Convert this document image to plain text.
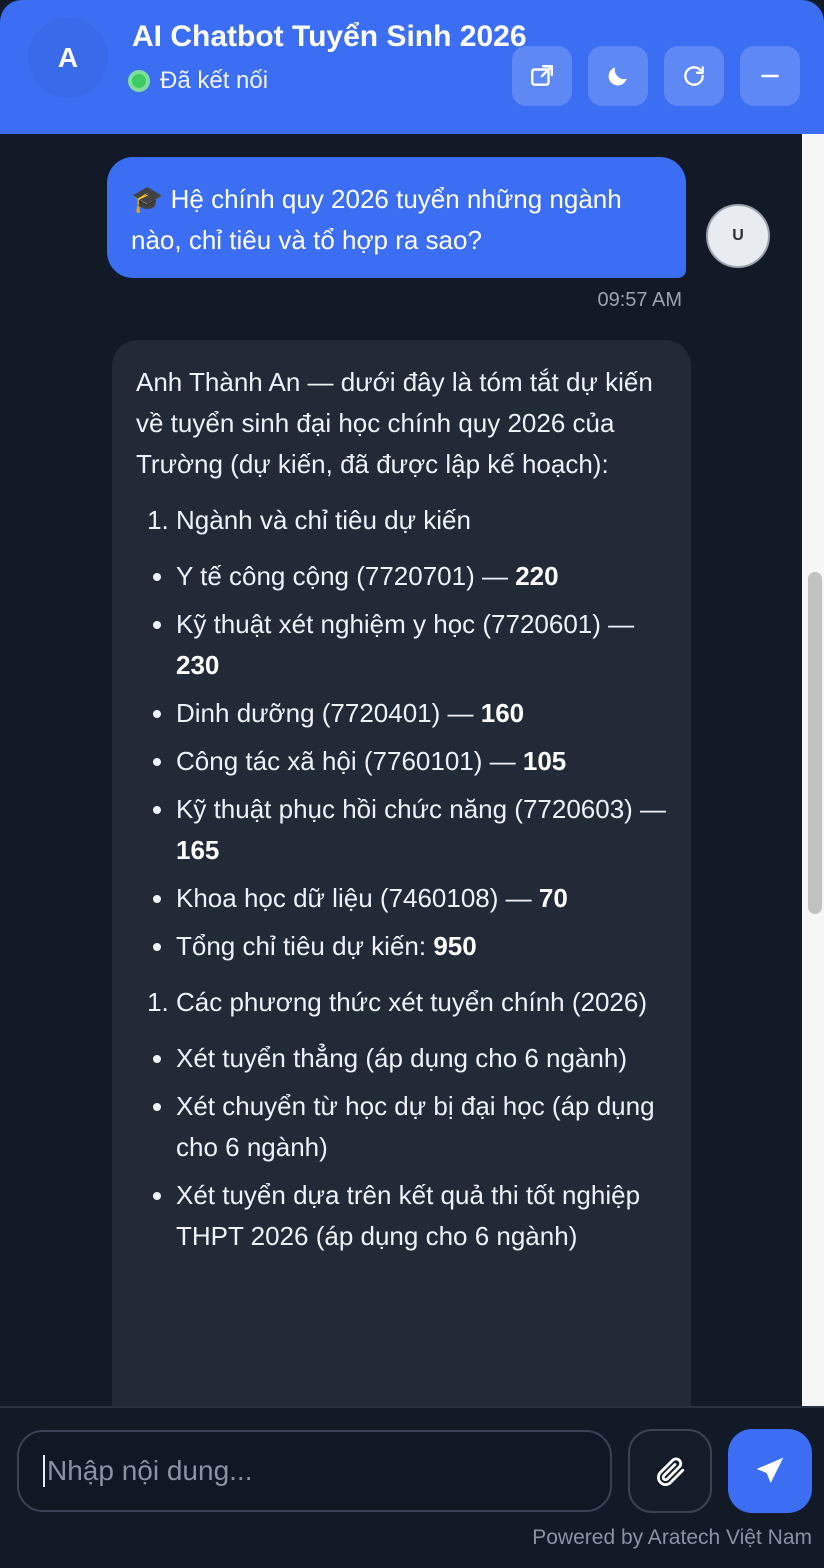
A
AI Chatbot Tuyển Sinh 2026
Đã kết nối
🎓 Hệ chính quy 2026 tuyển những ngành nào, chỉ tiêu và tổ hợp ra sao?	U
09:57 AM

Anh Thành An — dưới đây là tóm tắt dự kiến về tuyển sinh đại học chính quy 2026 của Trường (dự kiến, đã được lập kế hoạch):

1. Ngành và chỉ tiêu dự kiến
• Y tế công cộng (7720701) — 220
• Kỹ thuật xét nghiệm y học (7720601) — 230
• Dinh dưỡng (7720401) — 160
• Công tác xã hội (7760101) — 105
• Kỹ thuật phục hồi chức năng (7720603) — 165
• Khoa học dữ liệu (7460108) — 70
• Tổng chỉ tiêu dự kiến: 950
1. Các phương thức xét tuyển chính (2026)
• Xét tuyển thẳng (áp dụng cho 6 ngành)
• Xét chuyển từ học dự bị đại học (áp dụng cho 6 ngành)
• Xét tuyển dựa trên kết quả thi tốt nghiệp THPT 2026 (áp dụng cho 6 ngành)
Nhập nội dung...
Powered by Aratech Việt Nam
